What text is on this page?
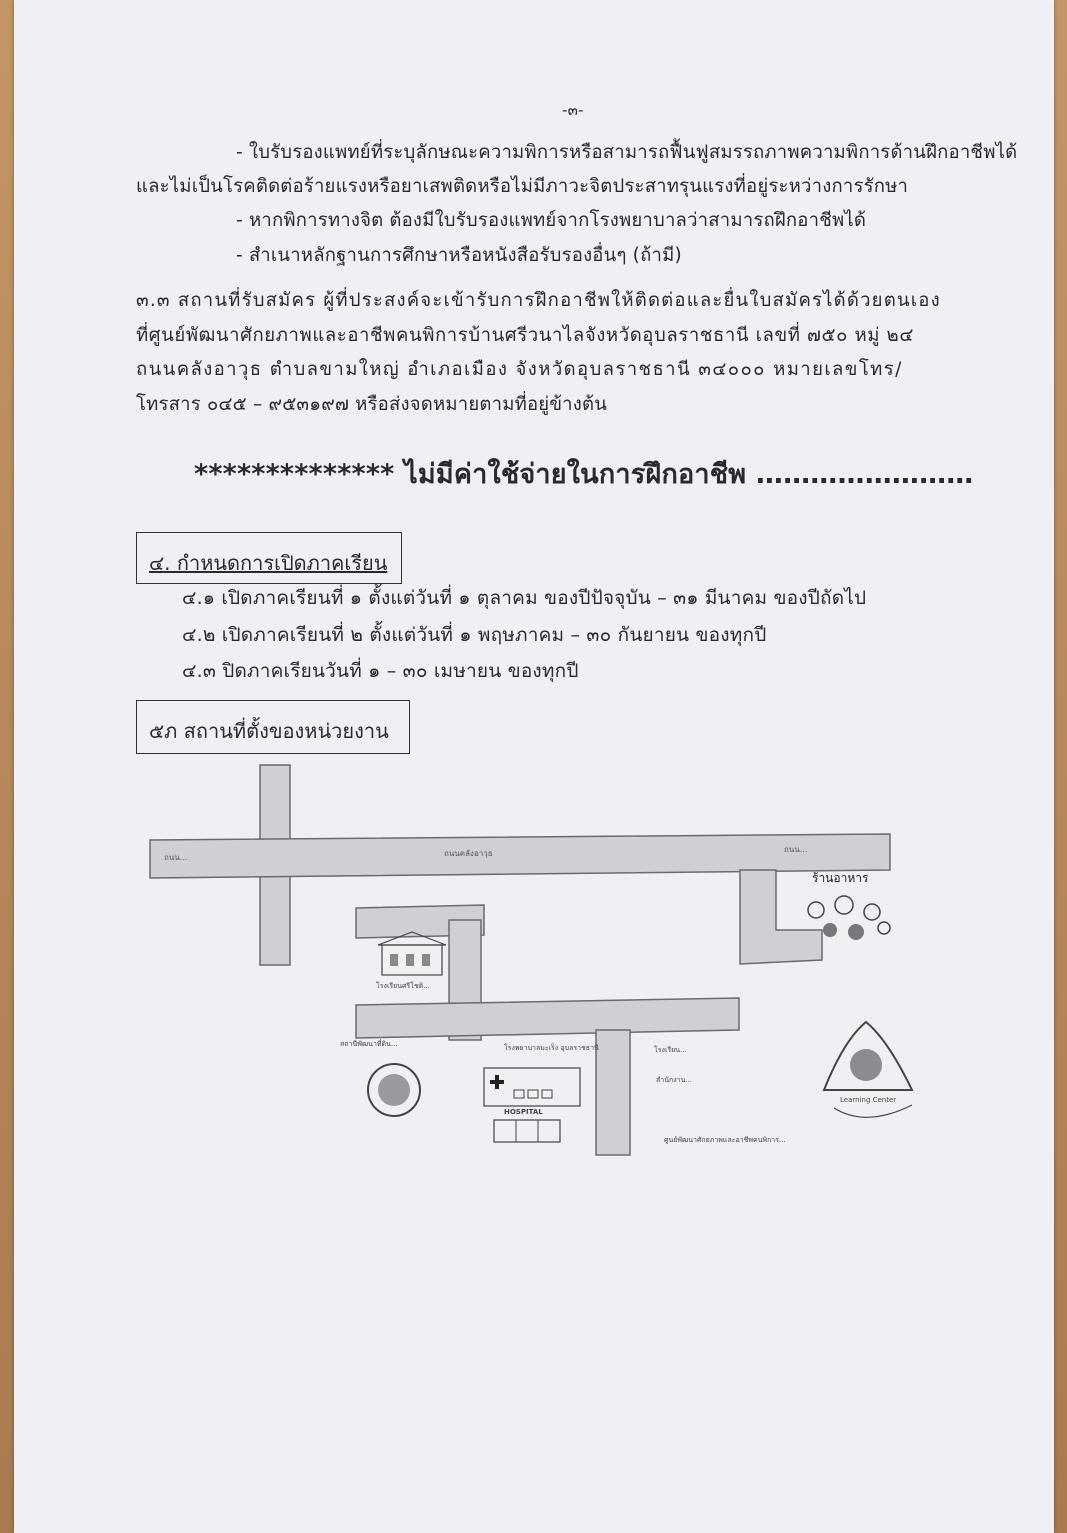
-๓-
- ใบรับรองแพทย์ที่ระบุลักษณะความพิการหรือสามารถฟื้นฟูสมรรถภาพความพิการด้านฝึกอาชีพได้
และไม่เป็นโรคติดต่อร้ายแรงหรือยาเสพติดหรือไม่มีภาวะจิตประสาทรุนแรงที่อยู่ระหว่างการรักษา
- หากพิการทางจิต ต้องมีใบรับรองแพทย์จากโรงพยาบาลว่าสามารถฝึกอาชีพได้
- สำเนาหลักฐานการศึกษาหรือหนังสือรับรองอื่นๆ (ถ้ามี)
๓.๓ สถานที่รับสมัคร ผู้ที่ประสงค์จะเข้ารับการฝึกอาชีพให้ติดต่อและยื่นใบสมัครได้ด้วยตนเอง
ที่ศูนย์พัฒนาศักยภาพและอาชีพคนพิการบ้านศรีวนาไลจังหวัดอุบลราชธานี เลขที่ ๗๕๐ หมู่ ๒๔
ถนนคลังอาวุธ ตำบลขามใหญ่ อำเภอเมือง จังหวัดอุบลราชธานี ๓๔๐๐๐ หมายเลขโทร/
โทรสาร ๐๔๕ – ๙๕๓๑๙๗ หรือส่งจดหมายตามที่อยู่ข้างต้น
************** ไม่มีค่าใช้จ่ายในการฝึกอาชีพ ……………………
๔. กำหนดการเปิดภาคเรียน
๔.๑ เปิดภาคเรียนที่ ๑ ตั้งแต่วันที่ ๑ ตุลาคม ของปีปัจจุบัน – ๓๑ มีนาคม ของปีถัดไป
๔.๒ เปิดภาคเรียนที่ ๒ ตั้งแต่วันที่ ๑ พฤษภาคม – ๓๐ กันยายน ของทุกปี
๔.๓ ปิดภาคเรียนวันที่ ๑ – ๓๐ เมษายน ของทุกปี
๕ภ สถานที่ตั้งของหน่วยงาน
ถนน...	ถนนคลังอาวุธ	ถนน...
โรงเรียนศรีโชติ...
สถานีพัฒนาที่ดิน...	โรงพยาบาลมะเร็ง อุบลราชธานี
HOSPITAL
โรงเรียน...
สำนักงาน...
ศูนย์พัฒนาศักยภาพและอาชีพคนพิการ...
ร้านอาหาร
Learning Center
